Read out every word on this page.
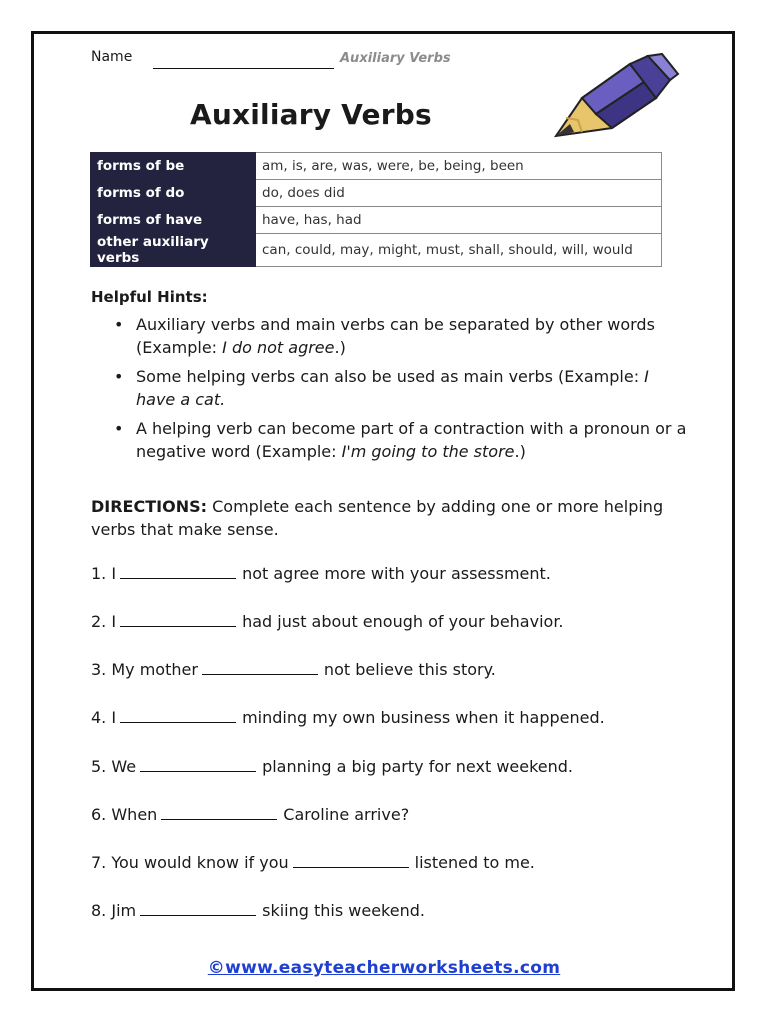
Name	Auxiliary Verbs
Auxiliary Verbs
forms of be	am, is, are, was, were, be, being, been
forms of do	do, does did
forms of have	have, has, had
other auxiliary verbs	can, could, may, might, must, shall, should, will, would
Helpful Hints:
• Auxiliary verbs and main verbs can be separated by other words (Example: I do not agree.)
• Some helping verbs can also be used as main verbs (Example: I have a cat.
• A helping verb can become part of a contraction with a pronoun or a negative word (Example: I'm going to the store.)
DIRECTIONS: Complete each sentence by adding one or more helping verbs that make sense.
1. I	not agree more with your assessment.
2. I	had just about enough of your behavior.
3. My mother	not believe this story.
4. I	minding my own business when it happened.
5. We	planning a big party for next weekend.
6. When	Caroline arrive?
7. You would know if you	listened to me.
8. Jim	skiing this weekend.
©www.easyteacherworksheets.com
